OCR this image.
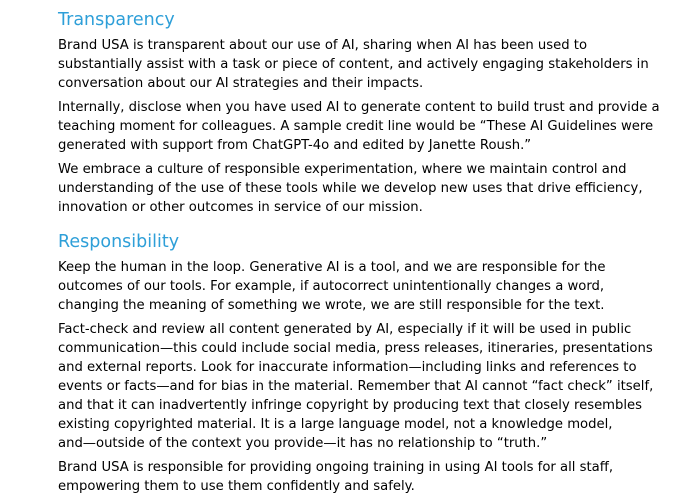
Transparency

Brand USA is transparent about our use of AI, sharing when AI has been used to
substantially assist with a task or piece of content, and actively engaging stakeholders in
conversation about our AI strategies and their impacts.

Internally, disclose when you have used AI to generate content to build trust and provide a
teaching moment for colleagues. A sample credit line would be “These AI Guidelines were
generated with support from ChatGPT-4o and edited by Janette Roush.”

We embrace a culture of responsible experimentation, where we maintain control and
understanding of the use of these tools while we develop new uses that drive efficiency,
innovation or other outcomes in service of our mission.

Responsibility

Keep the human in the loop. Generative AI is a tool, and we are responsible for the
outcomes of our tools. For example, if autocorrect unintentionally changes a word,
changing the meaning of something we wrote, we are still responsible for the text.

Fact-check and review all content generated by AI, especially if it will be used in public
communication—this could include social media, press releases, itineraries, presentations
and external reports. Look for inaccurate information—including links and references to
events or facts—and for bias in the material. Remember that AI cannot “fact check” itself,
and that it can inadvertently infringe copyright by producing text that closely resembles
existing copyrighted material. It is a large language model, not a knowledge model,
and—outside of the context you provide—it has no relationship to “truth.”

Brand USA is responsible for providing ongoing training in using AI tools for all staff,
empowering them to use them confidently and safely.
